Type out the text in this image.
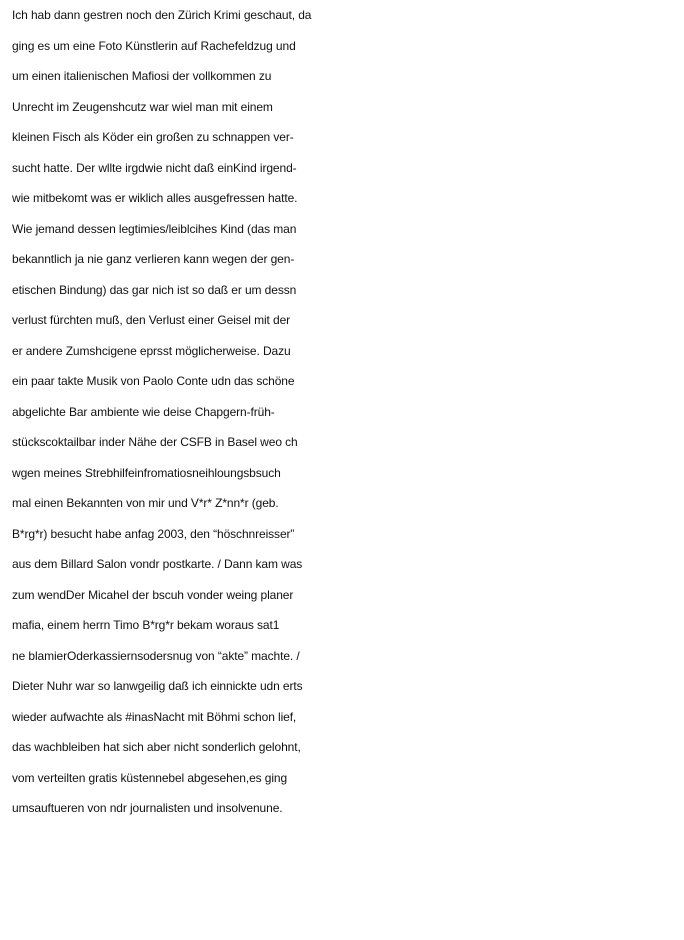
Ich hab dann gestren noch den Zürich Krimi geschaut, da
ging es um eine Foto Künstlerin auf Rachefeldzug und
um einen italienischen Mafiosi der vollkommen zu
Unrecht im Zeugenshcutz war wiel man mit einem
kleinen Fisch als Köder ein großen zu schnappen ver-
sucht hatte. Der wllte irgdwie nicht daß einKind irgend-
wie mitbekomt was er wiklich alles ausgefressen hatte.
Wie jemand dessen legtimies/leiblcihes Kind (das man
bekanntlich ja nie ganz verlieren kann wegen der gen-
etischen Bindung) das gar nich ist so daß er um dessn
verlust fürchten muß, den Verlust einer Geisel mit der
er andere Zumshcigene eprsst möglicherweise. Dazu
ein paar takte Musik von Paolo Conte udn das schöne
abgelichte Bar ambiente wie deise Chapgern-früh-
stückscoktailbar inder Nähe der CSFB in Basel weo ch
wgen meines Strebhilfeinfromatiosneihloungsbsuch
mal einen Bekannten von mir und V*r* Z*nn*r (geb.
B*rg*r) besucht habe anfag 2003, den “höschnreisser”
aus dem Billard Salon vondr postkarte. / Dann kam was
zum wendDer Micahel der bscuh vonder weing planer
mafia, einem herrn Timo B*rg*r bekam woraus sat1
ne blamierOderkassiernsodersnug von “akte” machte. /
Dieter Nuhr war so lanwgeilig daß ich einnickte udn erts
wieder aufwachte als #inasNacht mit Böhmi schon lief,
das wachbleiben hat sich aber nicht sonderlich gelohnt,
vom verteilten gratis küstennebel abgesehen,es ging
umsauftueren von ndr journalisten und insolvenune.
